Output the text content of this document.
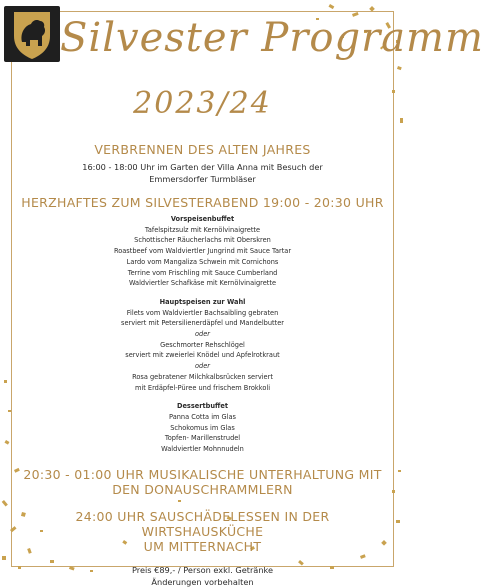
Silvester Programm
2023/24
VERBRENNEN DES ALTEN JAHRES
16:00 - 18:00 Uhr im Garten der Villa Anna mit Besuch der
Emmersdorfer Turmbläser
HERZHAFTES ZUM SILVESTERABEND 19:00 - 20:30 UHR
Vorspeisenbuffet
Tafelspitzsulz mit Kernölvinaigrette
Schottischer Räucherlachs mit Oberskren
Roastbeef vom Waldviertler Jungrind mit Sauce Tartar
Lardo vom Mangaliza Schwein mit Cornichons
Terrine vom Frischling mit Sauce Cumberland
Waldviertler Schafkäse mit Kernölvinaigrette
Hauptspeisen zur Wahl
Filets vom Waldviertler Bachsaibling gebraten
serviert mit Petersilienerdäpfel und Mandelbutter
oder
Geschmorter Rehschlögel
serviert mit zweierlei Knödel und Apfelrotkraut
oder
Rosa gebratener Milchkalbsrücken serviert
mit Erdäpfel-Püree und frischem Brokkoli
Dessertbuffet
Panna Cotta im Glas
Schokomus im Glas
Topfen- Marillenstrudel
Waldviertler Mohnnudeln
20:30 - 01:00 UHR MUSIKALISCHE UNTERHALTUNG MIT
DEN DONAUSCHRAMMLERN
24:00 UHR SAUSCHÄDELESSEN IN DER WIRTSHAUSKÜCHE
UM MITTERNACHT
Preis €89,- / Person exkl. Getränke
Änderungen vorbehalten
